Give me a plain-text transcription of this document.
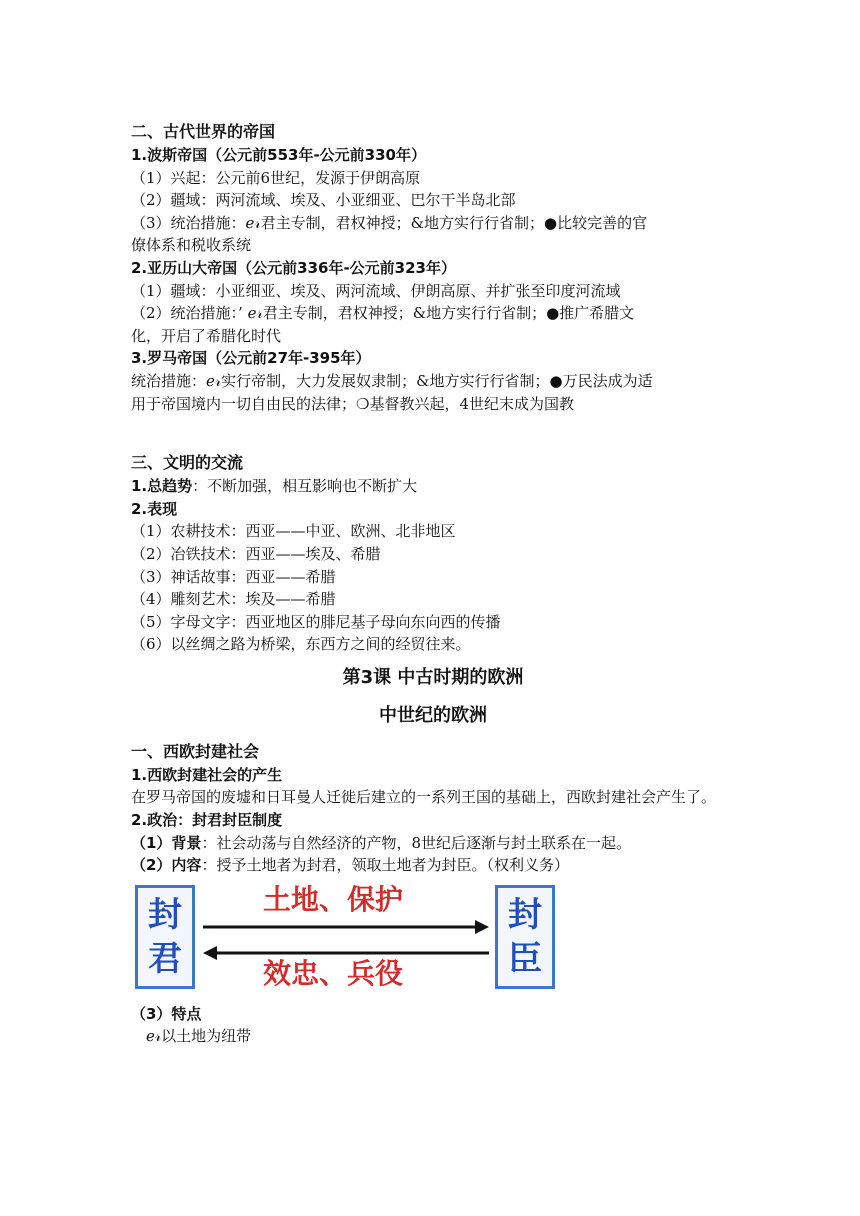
二、古代世界的帝国
1.波斯帝国（公元前553年-公元前330年）
（1）兴起：公元前6世纪，发源于伊朗高原
（2）疆域：两河流域、埃及、小亚细亚、巴尔干半岛北部
（3）统治措施：ℯ𝓇君主专制，君权神授；&地方实行行省制；●比较完善的官
僚体系和税收系统
2.亚历山大帝国（公元前336年-公元前323年）
（1）疆域：小亚细亚、埃及、两河流域、伊朗高原、并扩张至印度河流域
（2）统治措施：’ ℯ𝓇君主专制，君权神授；&地方实行行省制；●推广希腊文
化，开启了希腊化时代
3.罗马帝国（公元前27年-395年）
统治措施：ℯ𝓇实行帝制，大力发展奴隶制；&地方实行行省制；●万民法成为适
用于帝国境内一切自由民的法律；❍基督教兴起，4世纪末成为国教
三、文明的交流
1.总趋势：不断加强，相互影响也不断扩大
2.表现
（1）农耕技术：西亚——中亚、欧洲、北非地区
（2）冶铁技术：西亚——埃及、希腊
（3）神话故事：西亚——希腊
（4）雕刻艺术：埃及——希腊
（5）字母文字：西亚地区的腓尼基子母向东向西的传播
（6）以丝绸之路为桥梁，东西方之间的经贸往来。
第3课 中古时期的欧洲
中世纪的欧洲
一、西欧封建社会
1.西欧封建社会的产生
在罗马帝国的废墟和日耳曼人迁徙后建立的一系列王国的基础上，西欧封建社会产生了。
2.政治：封君封臣制度
（1）背景：社会动荡与自然经济的产物，8世纪后逐渐与封土联系在一起。
（2）内容：授予土地者为封君，领取土地者为封臣。（权利义务）
封
君
土地、保护
效忠、兵役
封
臣
（3）特点
ℯ𝓇以土地为纽带
